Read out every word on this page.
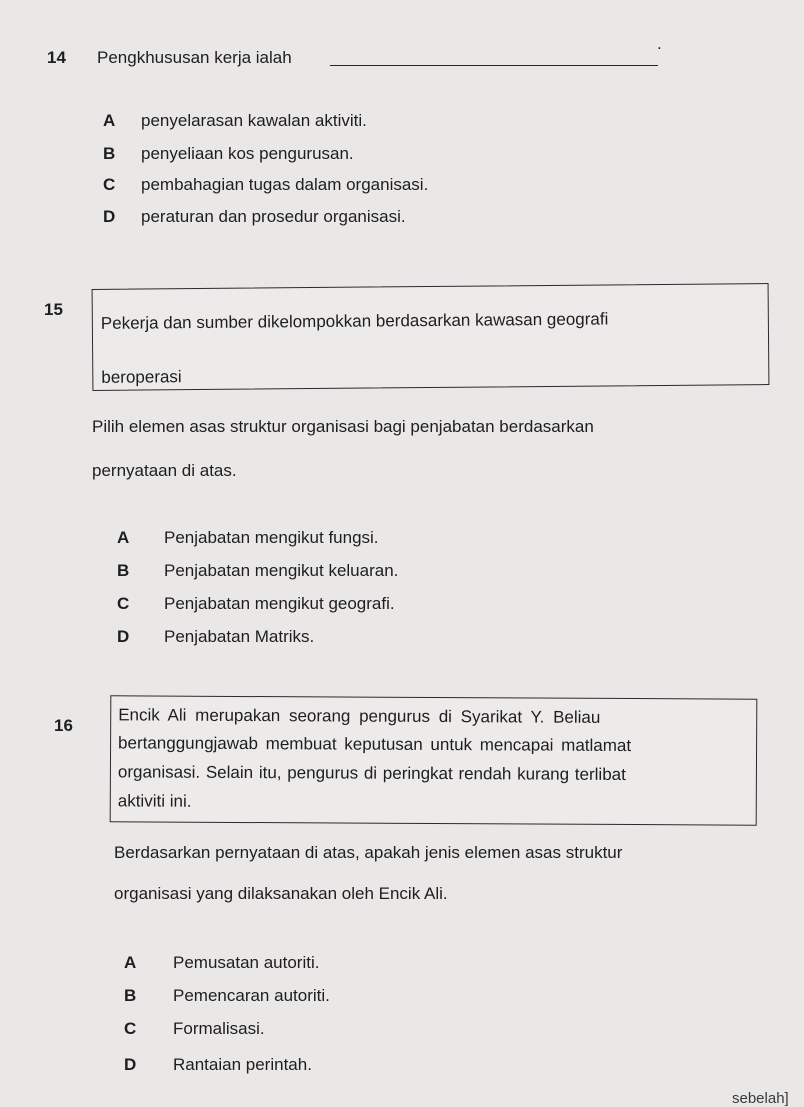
14 Pengkhususan kerja ialah
.
A penyelarasan kawalan aktiviti.
B penyeliaan kos pengurusan.
C pembahagian tugas dalam organisasi.
D peraturan dan prosedur organisasi.
15 Pekerja dan sumber dikelompokkan berdasarkan kawasan geografi
beroperasi
Pilih elemen asas struktur organisasi bagi penjabatan berdasarkan
pernyataan di atas.
A Penjabatan mengikut fungsi.
B Penjabatan mengikut keluaran.
C Penjabatan mengikut geografi.
D Penjabatan Matriks.
16	Encik Ali merupakan seorang pengurus di Syarikat Y. Beliau
bertanggungjawab membuat keputusan untuk mencapai matlamat
organisasi. Selain itu, pengurus di peringkat rendah kurang terlibat
aktiviti ini.
Berdasarkan pernyataan di atas, apakah jenis elemen asas struktur
organisasi yang dilaksanakan oleh Encik Ali.
A Pemusatan autoriti.
B Pemencaran autoriti.
C Formalisasi.
D Rantaian perintah.
sebelah]
